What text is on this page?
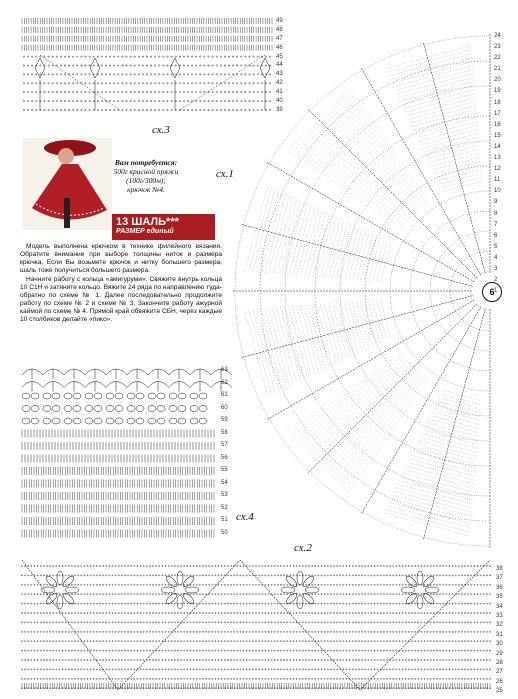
Вам потребуется:
500г красной пряжи
(100г/300м);
крючок №4.
13 ШАЛЬ***
РАЗМЕР единый

Модель выполнена крючком в технике филейного вязания. Обратите внимание при выборе толщины ниток и размера крючка. Если Вы возьмете крючок и нитку большего размера, шаль тоже получиться большего размера.

Начните работу с кольца «амигуруми». Свяжите внутрь кольца 10 С1Н и затяните кольцо. Вяжите 24 ряда по направлению туда-обратно по схеме № 1. Далее последовательно продолжите работу по схеме № 2 и схеме № 3. Закончите работу ажурной каймой по схеме № 4. Прямой край обвяжите СБН, через каждые 10 столбиков делайте «пико».

сх.1
сх.2
сх.3
сх.4
6
49
48
47
46
45
44
43
42
41
40
39
24
23
22
21
20
19
18
17
16
15
14
13
12
11
10
9
8
7
6
5
4
3
2
1
63
62
61
60
59
58
57
56
55
54
53
52
51
50
38
37
36
35
34
33
32
31
30
29
28
27
26
25
